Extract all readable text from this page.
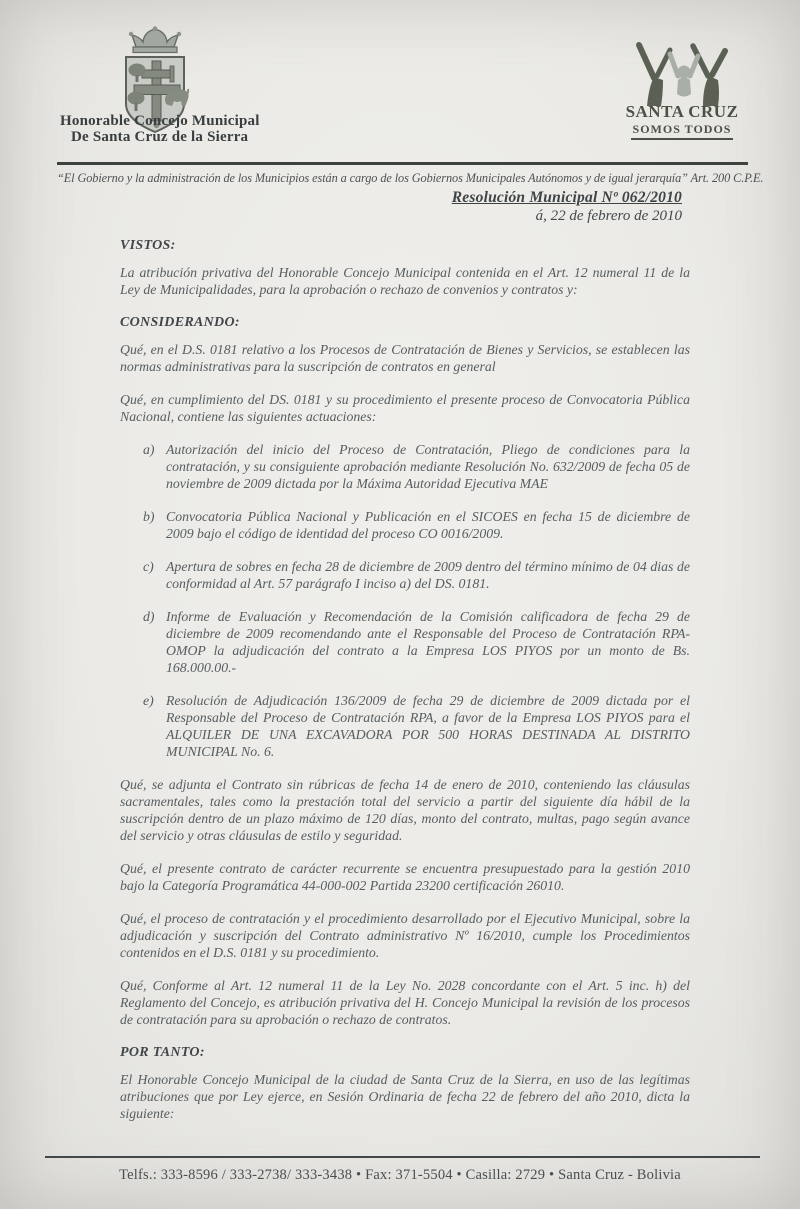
Honorable Concejo Municipal
De Santa Cruz de la Sierra
SANTA CRUZ
SOMOS TODOS
“El Gobierno y la administración de los Municipios están a cargo de los Gobiernos Municipales Autónomos y de igual jerarquía” Art. 200 C.P.E.
Resolución Municipal Nº 062/2010
á, 22 de febrero de 2010
VISTOS:

La atribución privativa del Honorable Concejo Municipal contenida en el Art. 12 numeral 11 de la Ley de Municipalidades, para la aprobación o rechazo de convenios y contratos y:

CONSIDERANDO:

Qué, en el D.S. 0181 relativo a los Procesos de Contratación de Bienes y Servicios, se establecen las normas administrativas para la suscripción de contratos en general

Qué, en cumplimiento del DS. 0181 y su procedimiento el presente proceso de Convocatoria Pública Nacional, contiene las siguientes actuaciones:

a) Autorización del inicio del Proceso de Contratación, Pliego de condiciones para la contratación, y su consiguiente aprobación mediante Resolución No. 632/2009 de fecha 05 de noviembre de 2009 dictada por la Máxima Autoridad Ejecutiva MAE
b) Convocatoria Pública Nacional y Publicación en el SICOES en fecha 15 de diciembre de 2009 bajo el código de identidad del proceso CO 0016/2009.
c) Apertura de sobres en fecha 28 de diciembre de 2009 dentro del término mínimo de 04 dias de conformidad al Art. 57 parágrafo I inciso a) del DS. 0181.
d) Informe de Evaluación y Recomendación de la Comisión calificadora de fecha 29 de diciembre de 2009 recomendando ante el Responsable del Proceso de Contratación RPA-OMOP la adjudicación del contrato a la Empresa LOS PIYOS por un monto de Bs. 168.000.00.-
e) Resolución de Adjudicación 136/2009 de fecha 29 de diciembre de 2009 dictada por el Responsable del Proceso de Contratación RPA, a favor de la Empresa LOS PIYOS para el ALQUILER DE UNA EXCAVADORA POR 500 HORAS DESTINADA AL DISTRITO MUNICIPAL No. 6.

Qué, se adjunta el Contrato sin rúbricas de fecha 14 de enero de 2010, conteniendo las cláusulas sacramentales, tales como la prestación total del servicio a partir del siguiente día hábil de la suscripción dentro de un plazo máximo de 120 días, monto del contrato, multas, pago según avance del servicio y otras cláusulas de estilo y seguridad.

Qué, el presente contrato de carácter recurrente se encuentra presupuestado para la gestión 2010 bajo la Categoría Programática 44-000-002 Partida 23200 certificación 26010.

Qué, el proceso de contratación y el procedimiento desarrollado por el Ejecutivo Municipal, sobre la adjudicación y suscripción del Contrato administrativo Nº 16/2010, cumple los Procedimientos contenidos en el D.S. 0181 y su procedimiento.

Qué, Conforme al Art. 12 numeral 11 de la Ley No. 2028 concordante con el Art. 5 inc. h) del Reglamento del Concejo, es atribución privativa del H. Concejo Municipal la revisión de los procesos de contratación para su aprobación o rechazo de contratos.

POR TANTO:

El Honorable Concejo Municipal de la ciudad de Santa Cruz de la Sierra, en uso de las legítimas atribuciones que por Ley ejerce, en Sesión Ordinaria de fecha 22 de febrero del año 2010, dicta la siguiente:

Telfs.: 333-8596 / 333-2738/ 333-3438 • Fax: 371-5504 • Casilla: 2729 • Santa Cruz - Bolivia
